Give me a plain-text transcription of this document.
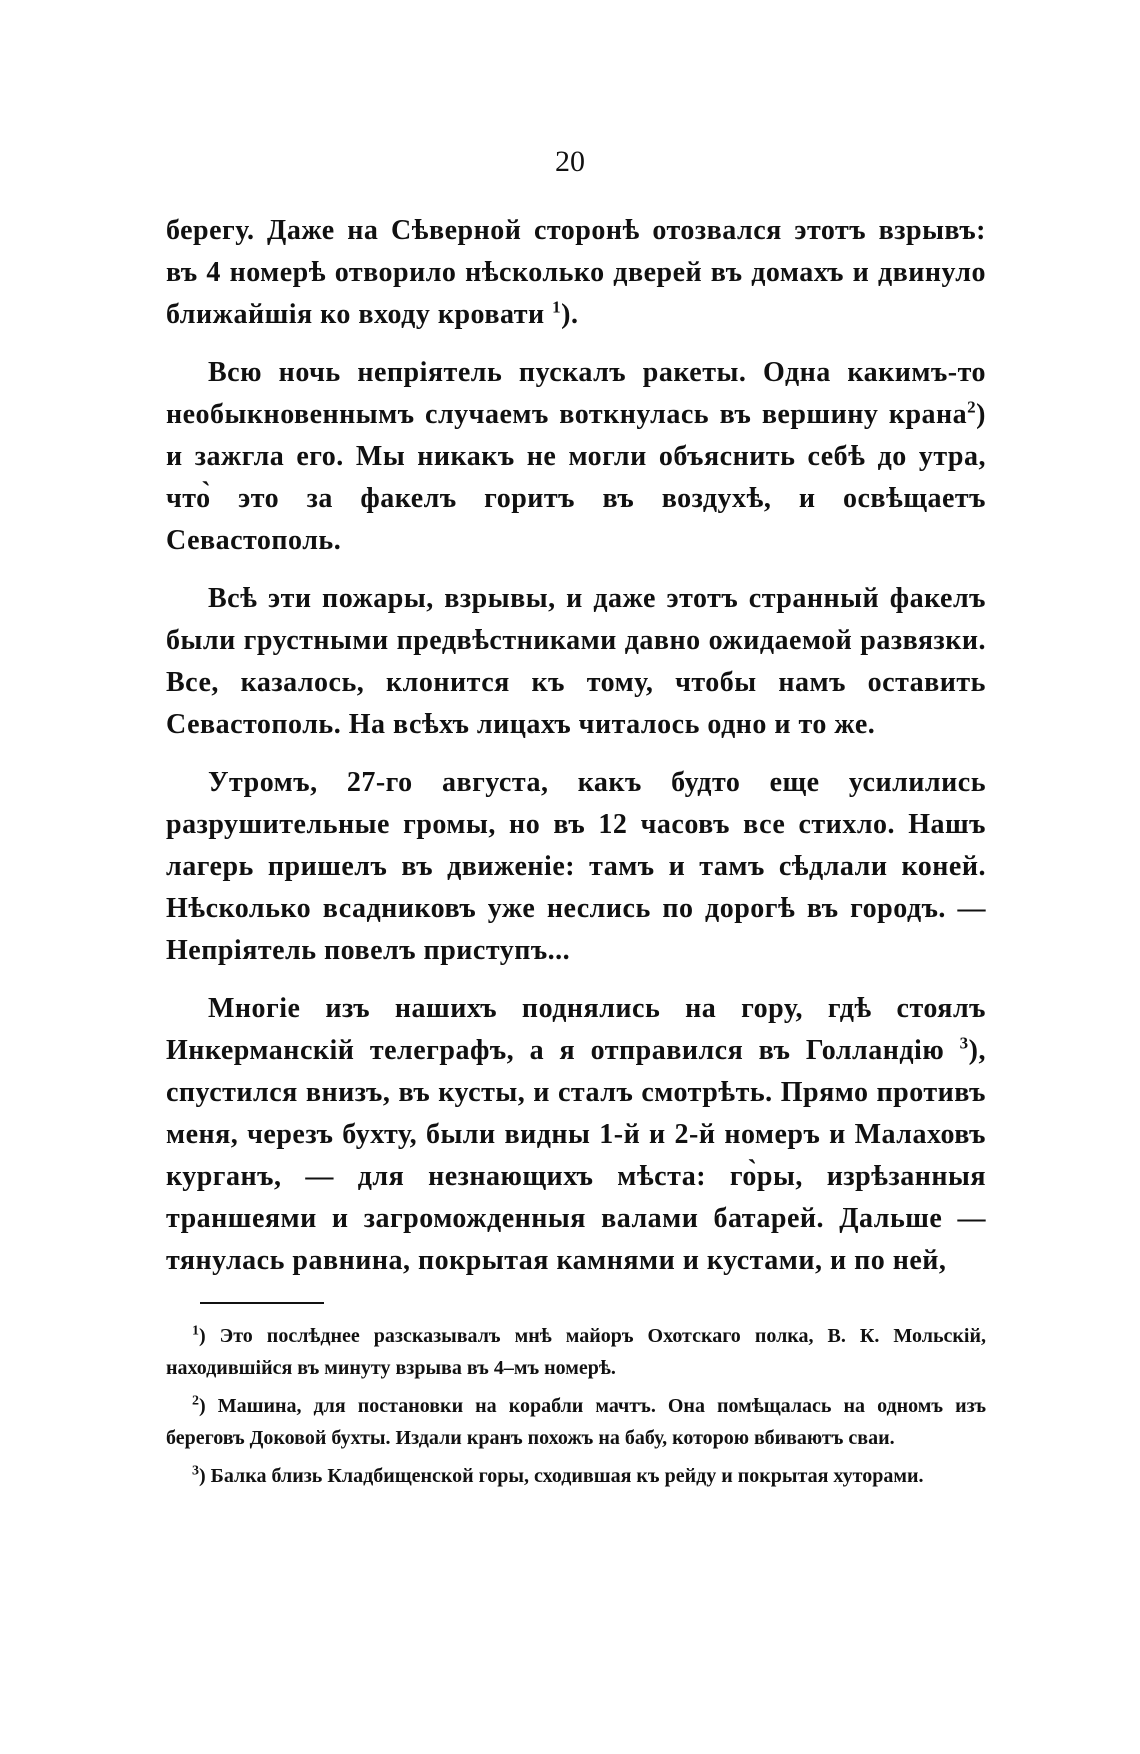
20

берегу. Даже на Сѣверной сторонѣ отозвался этотъ взрывъ: въ 4 номерѣ отворило нѣсколько дверей въ домахъ и двинуло ближайшія ко входу кровати $^1$).

Всю ночь непріятель пускалъ ракеты. Одна какимъ-то необыкновеннымъ случаемъ воткнулась въ вершину крана$^2$) и зажгла его. Мы никакъ не могли объяснить себѣ до утра, что̀ это за факелъ горитъ въ воздухѣ, и освѣщаетъ Севастополь.

Всѣ эти пожары, взрывы, и даже этотъ странный факелъ были грустными предвѣстниками давно ожидаемой развязки. Все, казалось, клонится къ тому, чтобы намъ оставить Севастополь. На всѣхъ лицахъ читалось одно и то же.

Утромъ, 27-го августа, какъ будто еще усилились разрушительные громы, но въ 12 часовъ все стихло. Нашъ лагерь пришелъ въ движеніе: тамъ и тамъ сѣдлали коней. Нѣсколько всадниковъ уже неслись по дорогѣ въ городъ. — Непріятель повелъ приступъ...

Многіе изъ нашихъ поднялись на гору, гдѣ стоялъ Инкерманскій телеграфъ, а я отправился въ Голландію $^3$), спустился внизъ, въ кусты, и сталъ смотрѣть. Прямо противъ меня, черезъ бухту, были видны 1-й и 2-й номеръ и Малаховъ курганъ, — для незнающихъ мѣста: го̀ры, изрѣзанныя траншеями и загроможденныя валами батарей. Дальше — тянулась равнина, покрытая камнями и кустами, и по ней,

$^1$) Это послѣднее разсказывалъ мнѣ майоръ Охотскаго полка, В. К. Мольскій, находившійся въ минуту взрыва въ 4–мъ номерѣ.

$^2$) Машина, для постановки на корабли мачтъ. Она помѣщалась на одномъ изъ береговъ Доковой бухты. Издали кранъ похожъ на бабу, которою вбиваютъ сваи.

$^3$) Балка близь Кладбищенской горы, сходившая къ рейду и покрытая хуторами.
